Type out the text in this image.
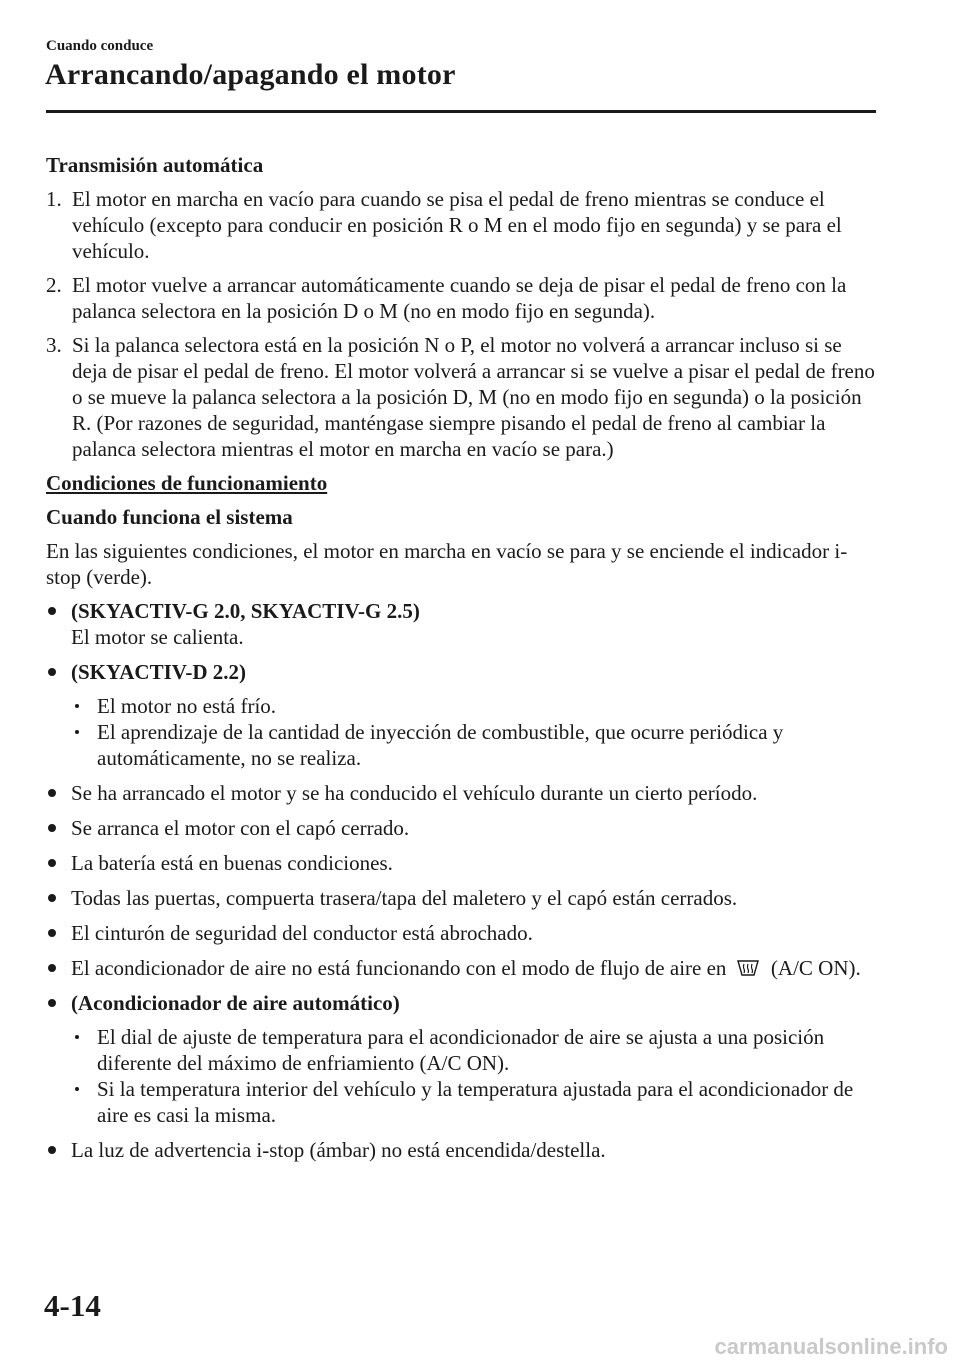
Cuando conduce
Arrancando/apagando el motor
Transmisión automática
1. El motor en marcha en vacío para cuando se pisa el pedal de freno mientras se conduce el vehículo (excepto para conducir en posición R o M en el modo fijo en segunda) y se para el vehículo.
2. El motor vuelve a arrancar automáticamente cuando se deja de pisar el pedal de freno con la palanca selectora en la posición D o M (no en modo fijo en segunda).
3. Si la palanca selectora está en la posición N o P, el motor no volverá a arrancar incluso si se deja de pisar el pedal de freno. El motor volverá a arrancar si se vuelve a pisar el pedal de freno o se mueve la palanca selectora a la posición D, M (no en modo fijo en segunda) o la posición R. (Por razones de seguridad, manténgase siempre pisando el pedal de freno al cambiar la palanca selectora mientras el motor en marcha en vacío se para.)
Condiciones de funcionamiento
Cuando funciona el sistema

En las siguientes condiciones, el motor en marcha en vacío se para y se enciende el indicador i-stop (verde).

(SKYACTIV-G 2.0, SKYACTIV-G 2.5)
El motor se calienta.
(SKYACTIV-D 2.2)
El motor no está frío.
El aprendizaje de la cantidad de inyección de combustible, que ocurre periódica y automáticamente, no se realiza.
Se ha arrancado el motor y se ha conducido el vehículo durante un cierto período.
Se arranca el motor con el capó cerrado.
La batería está en buenas condiciones.
Todas las puertas, compuerta trasera/tapa del maletero y el capó están cerrados.
El cinturón de seguridad del conductor está abrochado.
El acondicionador de aire no está funcionando con el modo de flujo de aire en (A/C ON).
(Acondicionador de aire automático)
El dial de ajuste de temperatura para el acondicionador de aire se ajusta a una posición diferente del máximo de enfriamiento (A/C ON).
Si la temperatura interior del vehículo y la temperatura ajustada para el acondicionador de aire es casi la misma.
La luz de advertencia i-stop (ámbar) no está encendida/destella.
4-14
carmanualsonline.info
